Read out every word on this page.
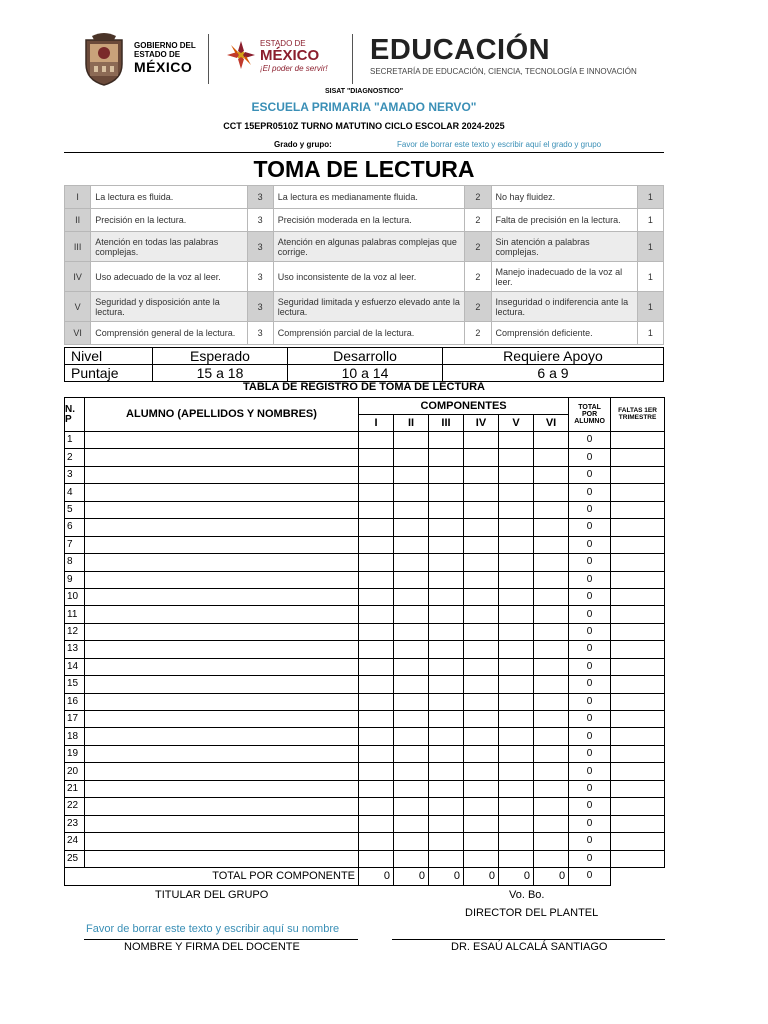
GOBIERNO DEL
ESTADO DE
MÉXICO
ESTADO DE
MÉXICO
¡El poder de servir!
EDUCACIÓN
SECRETARÍA DE EDUCACIÓN, CIENCIA, TECNOLOGÍA E INNOVACIÓN
SISAT "DIAGNOSTICO"
ESCUELA PRIMARIA "AMADO NERVO"
CCT 15EPR0510Z TURNO MATUTINO CICLO ESCOLAR 2024-2025
Grado y grupo:	Favor de borrar este texto y escribir aquí el grado y grupo
TOMA DE LECTURA
I	La lectura es fluida.	3	La lectura es medianamente fluida.	2	No hay fluidez.	1
II	Precisión en la lectura.	3	Precisión moderada en la lectura.	2	Falta de precisión en la lectura.	1
III	Atención en todas las palabras complejas.	3	Atención en algunas palabras complejas que corrige.	2	Sin atención a palabras complejas.	1
IV	Uso adecuado de la voz al leer.	3	Uso inconsistente de la voz al leer.	2	Manejo inadecuado de la voz al leer.	1
V	Seguridad y disposición ante la lectura.	3	Seguridad limitada y esfuerzo elevado ante la lectura.	2	Inseguridad o indiferencia ante la lectura.	1
VI	Comprensión general de la lectura.	3	Comprensión parcial de la lectura.	2	Comprensión deficiente.	1
Nivel	Esperado	Desarrollo	Requiere Apoyo
Puntaje	15 a 18	10 a 14	6 a 9
TABLA DE REGISTRO DE TOMA DE LECTURA
N. P	ALUMNO (APELLIDOS Y NOMBRES)	COMPONENTES						TOTAL
POR
ALUMNO	FALTAS 1ER
TRIMESTRE
		I	II	III	IV	V	VI		
1								0	
2								0	
3								0	
4								0	
5								0	
6								0	
7								0	
8								0	
9								0	
10								0	
11								0	
12								0	
13								0	
14								0	
15								0	
16								0	
17								0	
18								0	
19								0	
20								0	
21								0	
22								0	
23								0	
24								0	
25								0	
TOTAL POR COMPONENTE		0	0	0	0	0	0	0	
TITULAR DEL GRUPO	Vo. Bo.
DIRECTOR DEL PLANTEL
Favor de borrar este texto y escribir aquí su nombre
NOMBRE Y FIRMA DEL DOCENTE	DR. ESAÚ ALCALÁ SANTIAGO
